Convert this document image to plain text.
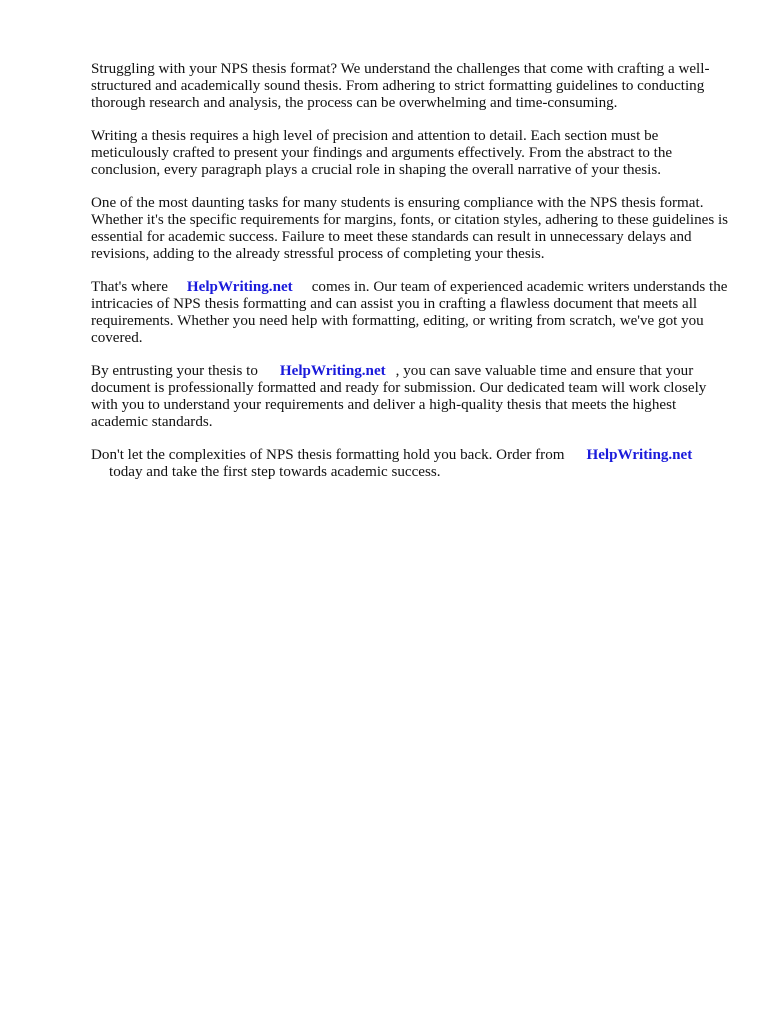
Struggling with your NPS thesis format? We understand the challenges that come with crafting a well-structured and academically sound thesis. From adhering to strict formatting guidelines to conducting thorough research and analysis, the process can be overwhelming and time-consuming.

Writing a thesis requires a high level of precision and attention to detail. Each section must be meticulously crafted to present your findings and arguments effectively. From the abstract to the conclusion, every paragraph plays a crucial role in shaping the overall narrative of your thesis.

One of the most daunting tasks for many students is ensuring compliance with the NPS thesis format. Whether it's the specific requirements for margins, fonts, or citation styles, adhering to these guidelines is essential for academic success. Failure to meet these standards can result in unnecessary delays and revisions, adding to the already stressful process of completing your thesis.

That's where HelpWriting.net comes in. Our team of experienced academic writers understands the intricacies of NPS thesis formatting and can assist you in crafting a flawless document that meets all requirements. Whether you need help with formatting, editing, or writing from scratch, we've got you covered.

By entrusting your thesis to HelpWriting.net , you can save valuable time and ensure that your document is professionally formatted and ready for submission. Our dedicated team will work closely with you to understand your requirements and deliver a high-quality thesis that meets the highest academic standards.

Don't let the complexities of NPS thesis formatting hold you back. Order from HelpWriting.net
today and take the first step towards academic success.
